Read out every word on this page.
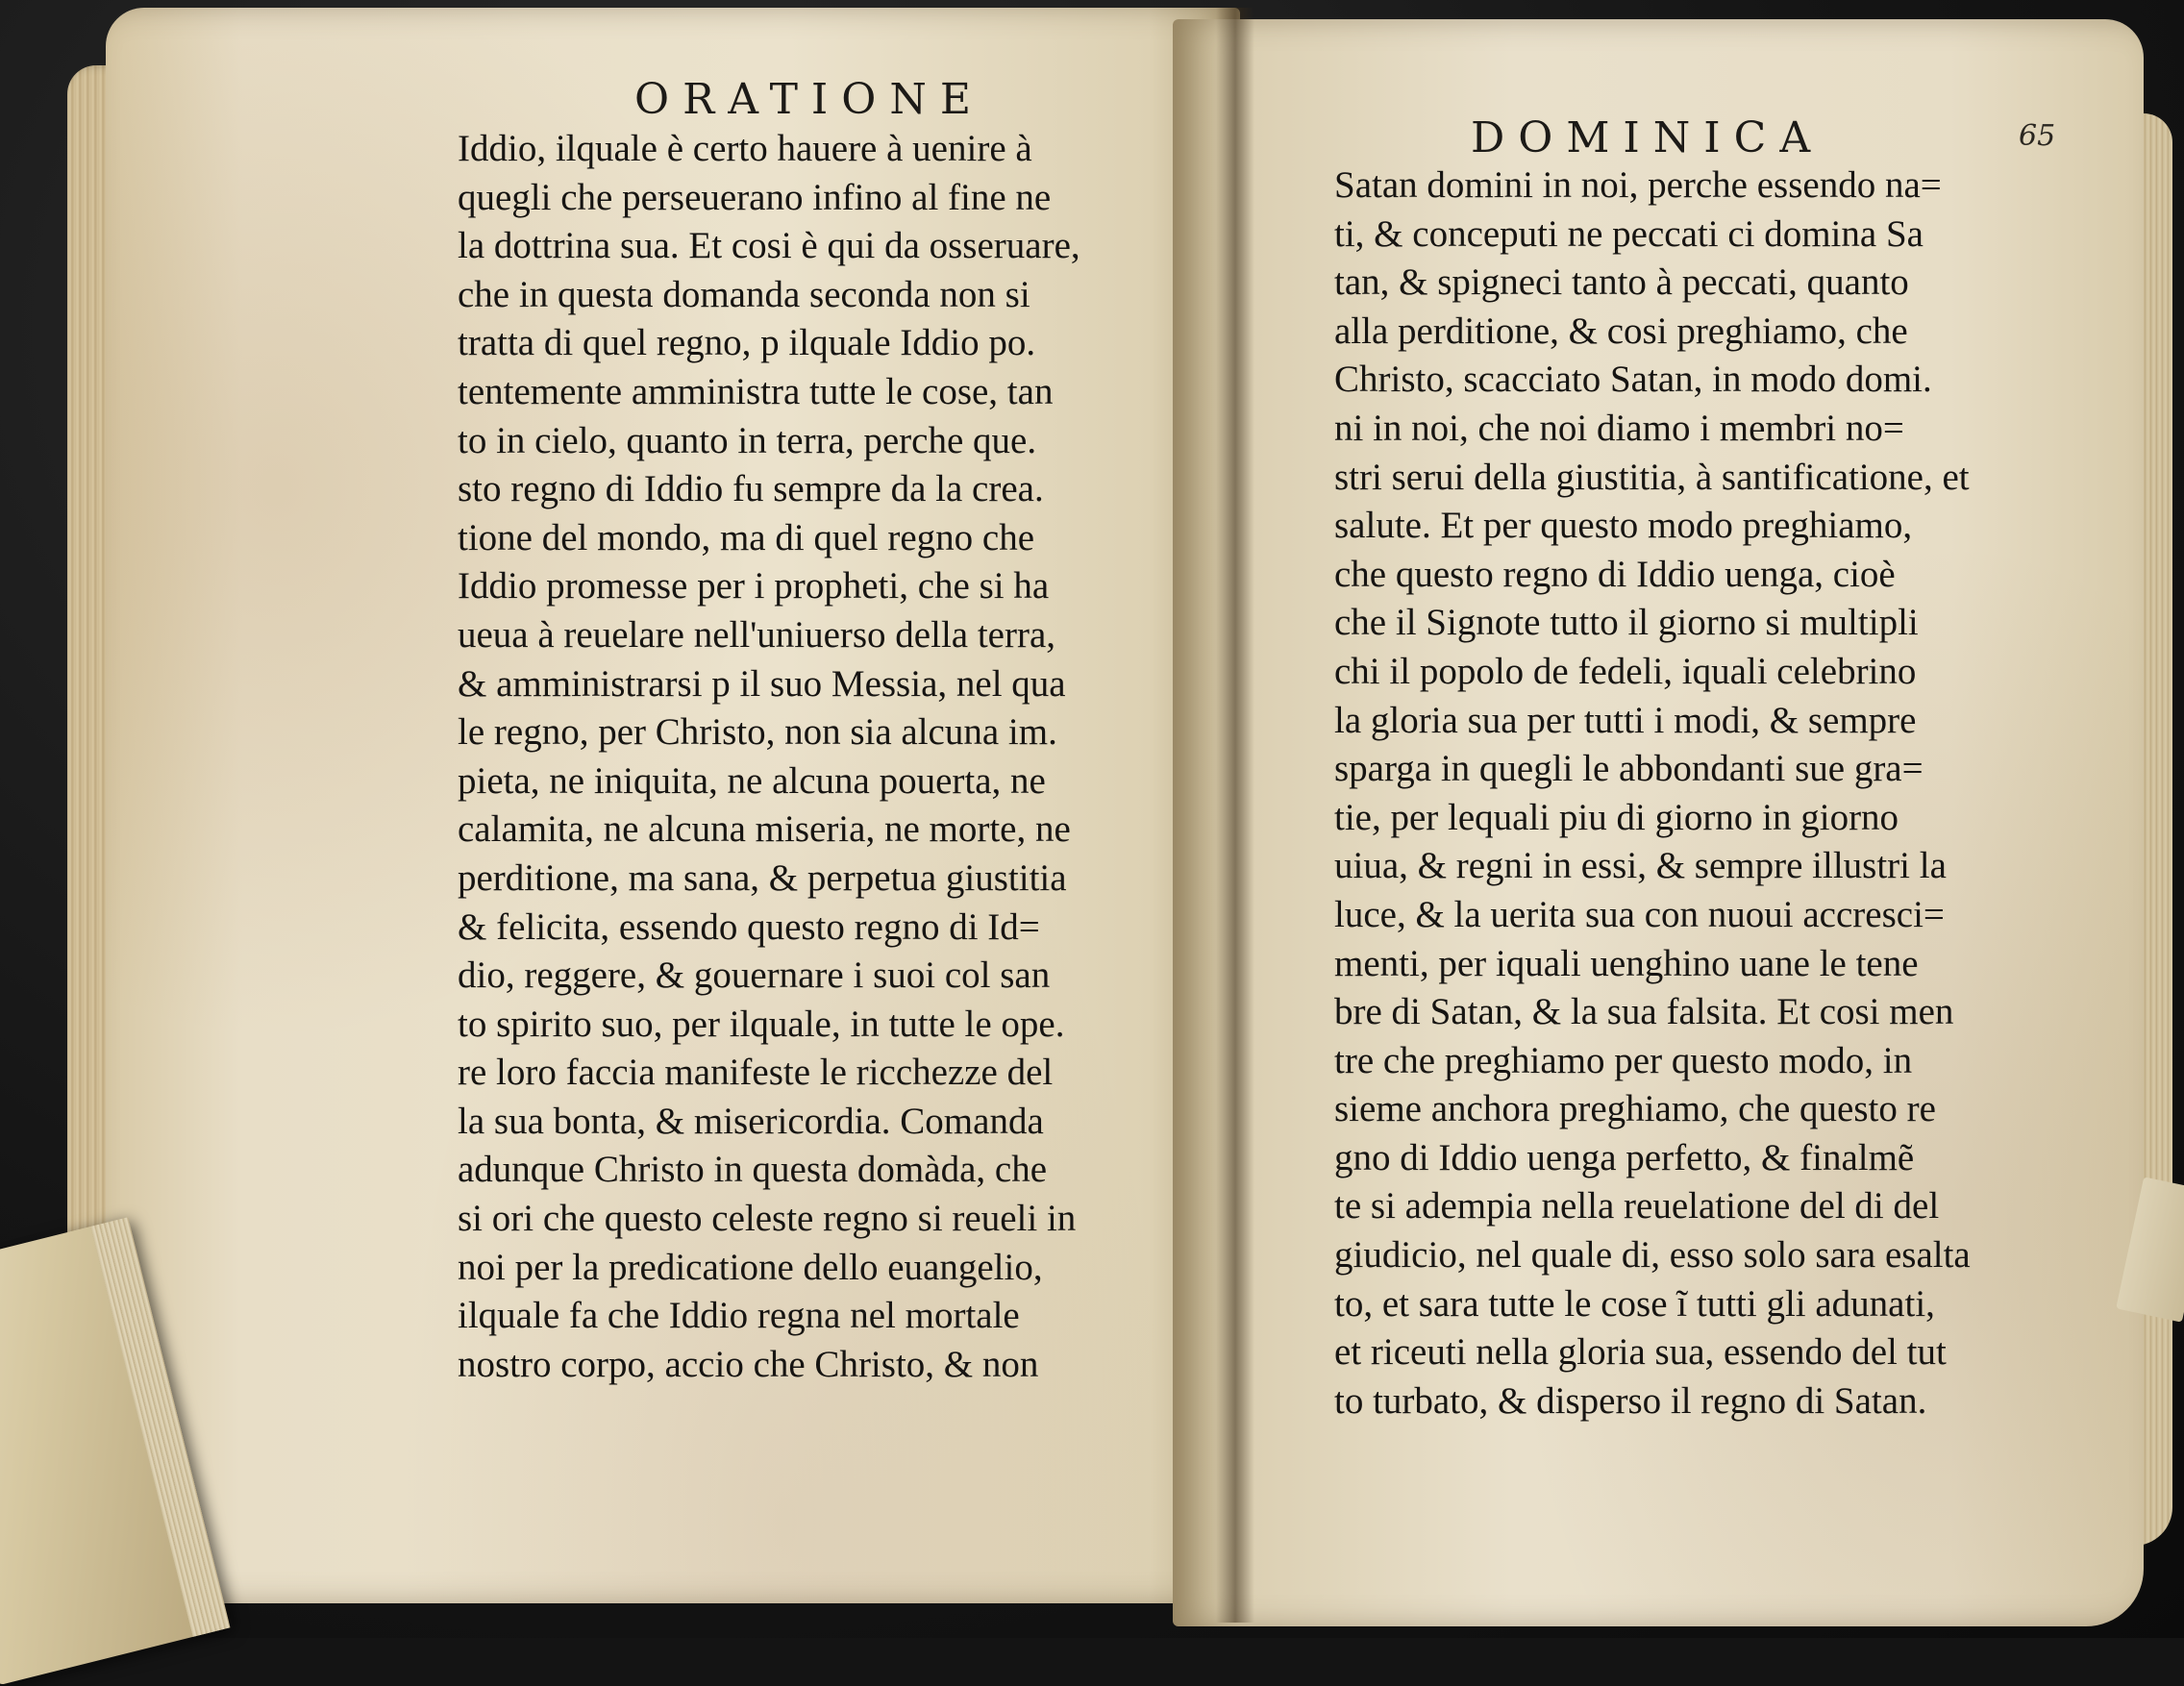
ORATIONE
Iddio, ilquale è certo hauere à uenire à
quegli che perseuerano infino al fine ne
la dottrina sua. Et cosi è qui da osseruare,
che in questa domanda seconda non si
tratta di quel regno, p ilquale Iddio po.
tentemente amministra tutte le cose, tan
to in cielo, quanto in terra, perche que.
sto regno di Iddio fu sempre da la crea.
tione del mondo, ma di quel regno che
Iddio promesse per i propheti, che si ha
ueua à reuelare nell'uniuerso della terra,
& amministrarsi p il suo Messia, nel qua
le regno, per Christo, non sia alcuna im.
pieta, ne iniquita, ne alcuna pouerta, ne
calamita, ne alcuna miseria, ne morte, ne
perditione, ma sana, & perpetua giustitia
& felicita, essendo questo regno di Id=
dio, reggere, & gouernare i suoi col san
to spirito suo, per ilquale, in tutte le ope.
re loro faccia manifeste le ricchezze del
la sua bonta, & misericordia. Comanda
adunque Christo in questa domàda, che
si ori che questo celeste regno si reueli in
noi per la predicatione dello euangelio,
ilquale fa che Iddio regna nel mortale
nostro corpo, accio che Christo, & non
DOMINICA	65
Satan domini in noi, perche essendo na=
ti, & conceputi ne peccati ci domina Sa
tan, & spigneci tanto à peccati, quanto
alla perditione, & cosi preghiamo, che
Christo, scacciato Satan, in modo domi.
ni in noi, che noi diamo i membri no=
stri serui della giustitia, à santificatione, et
salute. Et per questo modo preghiamo,
che questo regno di Iddio uenga, cioè
che il Signote tutto il giorno si multipli
chi il popolo de fedeli, iquali celebrino
la gloria sua per tutti i modi, & sempre
sparga in quegli le abbondanti sue gra=
tie, per lequali piu di giorno in giorno
uiua, & regni in essi, & sempre illustri la
luce, & la uerita sua con nuoui accresci=
menti, per iquali uenghino uane le tene
bre di Satan, & la sua falsita. Et cosi men
tre che preghiamo per questo modo, in
sieme anchora preghiamo, che questo re
gno di Iddio uenga perfetto, & finalmẽ
te si adempia nella reuelatione del di del
giudicio, nel quale di, esso solo sara esalta
to, et sara tutte le cose ĩ tutti gli adunati,
et riceuti nella gloria sua, essendo del tut
to turbato, & disperso il regno di Satan.
